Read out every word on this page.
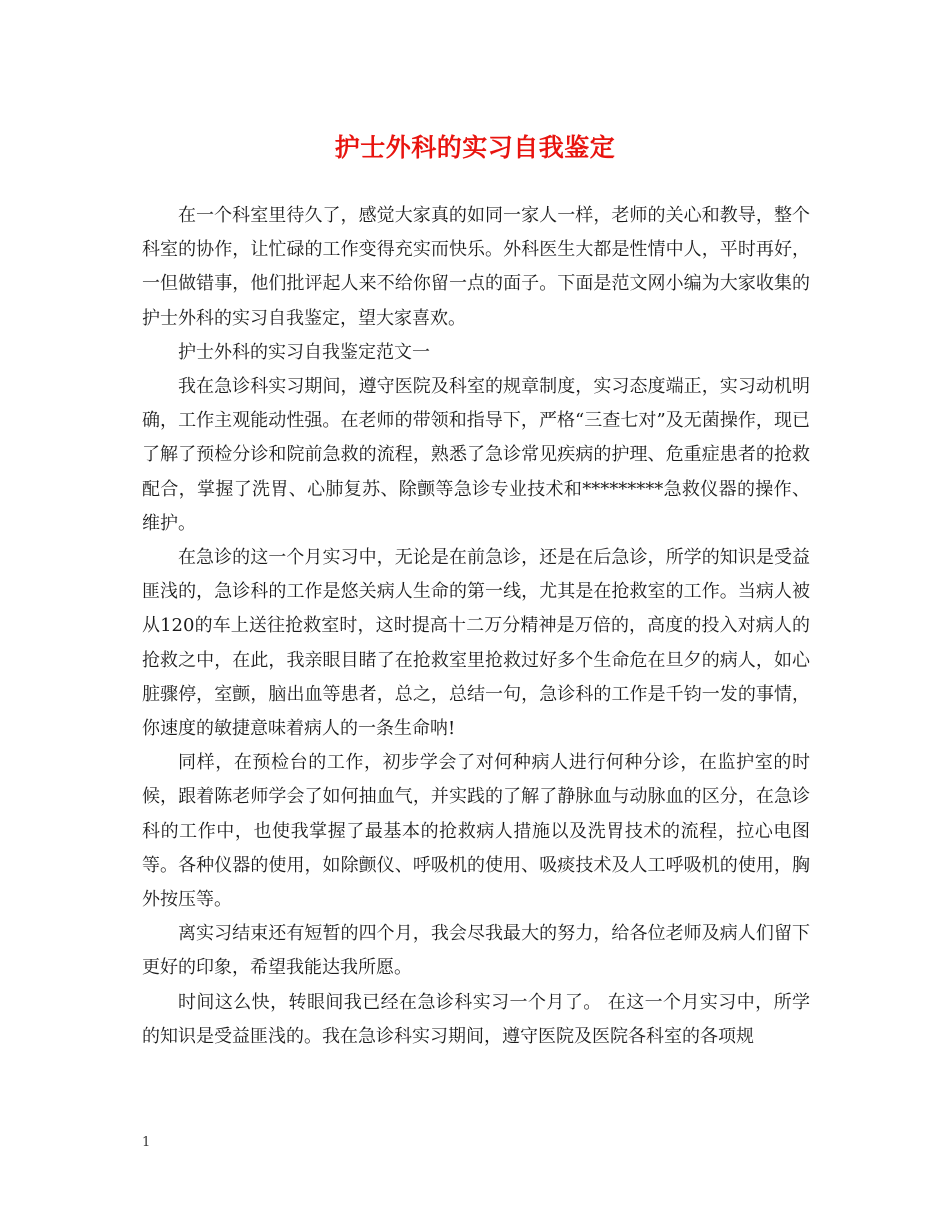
护士外科的实习自我鉴定

在一个科室里待久了，感觉大家真的如同一家人一样，老师的关心和教导，整个科室的协作，让忙碌的工作变得充实而快乐。外科医生大都是性情中人，平时再好，一但做错事，他们批评起人来不给你留一点的面子。下面是范文网小编为大家收集的护士外科的实习自我鉴定，望大家喜欢。

护士外科的实习自我鉴定范文一

我在急诊科实习期间，遵守医院及科室的规章制度，实习态度端正，实习动机明确，工作主观能动性强。在老师的带领和指导下，严格“三查七对”及无菌操作，现已了解了预检分诊和院前急救的流程，熟悉了急诊常见疾病的护理、危重症患者的抢救配合，掌握了洗胃、心肺复苏、除颤等急诊专业技术和*********急救仪器的操作、维护。

在急诊的这一个月实习中，无论是在前急诊，还是在后急诊，所学的知识是受益匪浅的，急诊科的工作是悠关病人生命的第一线，尤其是在抢救室的工作。当病人被从120的车上送往抢救室时，这时提高十二万分精神是万倍的，高度的投入对病人的抢救之中，在此，我亲眼目睹了在抢救室里抢救过好多个生命危在旦夕的病人，如心脏骤停，室颤，脑出血等患者，总之，总结一句，急诊科的工作是千钧一发的事情，你速度的敏捷意味着病人的一条生命呐!

同样，在预检台的工作，初步学会了对何种病人进行何种分诊，在监护室的时候，跟着陈老师学会了如何抽血气，并实践的了解了静脉血与动脉血的区分，在急诊科的工作中，也使我掌握了最基本的抢救病人措施以及洗胃技术的流程，拉心电图等。各种仪器的使用，如除颤仪、呼吸机的使用、吸痰技术及人工呼吸机的使用，胸外按压等。

离实习结束还有短暂的四个月，我会尽我最大的努力，给各位老师及病人们留下更好的印象，希望我能达我所愿。

时间这么快，转眼间我已经在急诊科实习一个月了。 在这一个月实习中，所学的知识是受益匪浅的。我在急诊科实习期间，遵守医院及医院各科室的各项规

1
